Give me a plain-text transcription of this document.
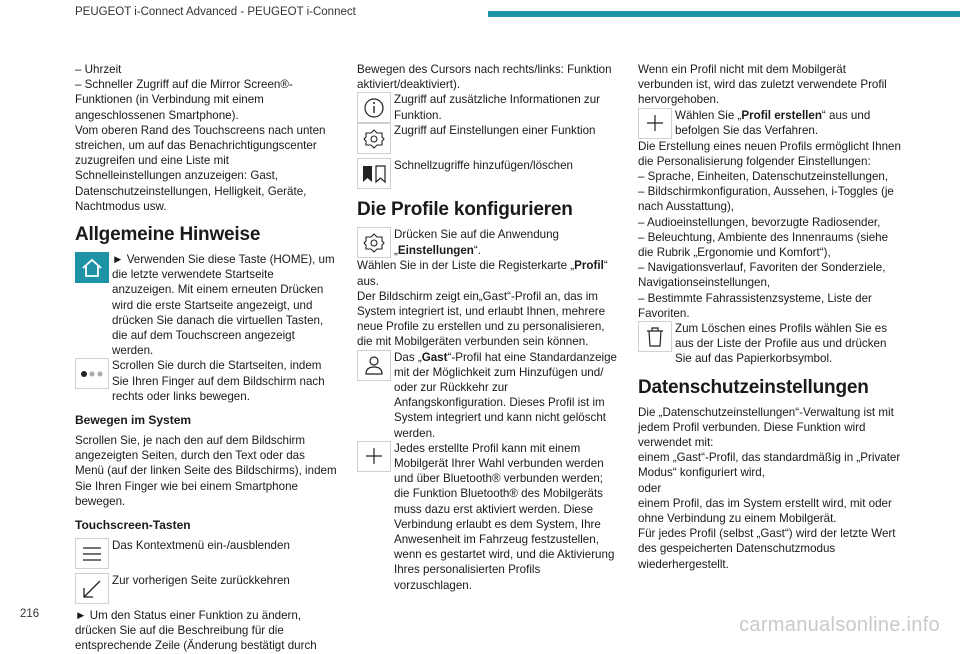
PEUGEOT i-Connect Advanced - PEUGEOT i-Connect

– Uhrzeit

– Schneller Zugriff auf die Mirror Screen®-Funktionen (in Verbindung mit einem angeschlossenen Smartphone).

Vom oberen Rand des Touchscreens nach unten streichen, um auf das Benachrichtigungscenter zuzugreifen und eine Liste mit Schnelleinstellungen anzuzeigen: Gast, Datenschutzeinstellungen, Helligkeit, Geräte, Nachtmodus usw.

Allgemeine Hinweise

► Verwenden Sie diese Taste (HOME), um die letzte verwendete Startseite anzuzeigen. Mit einem erneuten Drücken wird die erste Startseite angezeigt, und drücken Sie danach die virtuellen Tasten, die auf dem Touchscreen angezeigt werden.

Scrollen Sie durch die Startseiten, indem Sie Ihren Finger auf dem Bildschirm nach rechts oder links bewegen.

Bewegen im System

Scrollen Sie, je nach den auf dem Bildschirm angezeigten Seiten, durch den Text oder das Menü (auf der linken Seite des Bildschirms), indem Sie Ihren Finger wie bei einem Smartphone bewegen.

Touchscreen-Tasten

Das Kontextmenü ein-/ausblenden

Zur vorherigen Seite zurückkehren

► Um den Status einer Funktion zu ändern, drücken Sie auf die Beschreibung für die entsprechende Zeile (Änderung bestätigt durch

Bewegen des Cursors nach rechts/links: Funktion aktiviert/deaktiviert).

Zugriff auf zusätzliche Informationen zur Funktion.

Zugriff auf Einstellungen einer Funktion

Schnellzugriffe hinzufügen/löschen

Die Profile konfigurieren

Drücken Sie auf die Anwendung „Einstellungen“.

Wählen Sie in der Liste die Registerkarte „Profil“ aus.

Der Bildschirm zeigt ein„Gast“-Profil an, das im System integriert ist, und erlaubt Ihnen, mehrere neue Profile zu erstellen und zu personalisieren, die mit Mobilgeräten verbunden sein können.

Das „Gast“-Profil hat eine Standardanzeige mit der Möglichkeit zum Hinzufügen und/ oder zur Rückkehr zur Anfangskonfiguration. Dieses Profil ist im System integriert und kann nicht gelöscht werden.

Jedes erstellte Profil kann mit einem Mobilgerät Ihrer Wahl verbunden werden und über Bluetooth® verbunden werden; die Funktion Bluetooth® des Mobilgeräts muss dazu erst aktiviert werden. Diese Verbindung erlaubt es dem System, Ihre Anwesenheit im Fahrzeug festzustellen, wenn es gestartet wird, und die Aktivierung Ihres personalisierten Profils vorzuschlagen.

Wenn ein Profil nicht mit dem Mobilgerät verbunden ist, wird das zuletzt verwendete Profil hervorgehoben.

Wählen Sie „Profil erstellen“ aus und befolgen Sie das Verfahren.

Die Erstellung eines neuen Profils ermöglicht Ihnen die Personalisierung folgender Einstellungen:

– Sprache, Einheiten, Datenschutzeinstellungen,

– Bildschirmkonfiguration, Aussehen, i-Toggles (je nach Ausstattung),

– Audioeinstellungen, bevorzugte Radiosender,

– Beleuchtung, Ambiente des Innenraums (siehe die Rubrik „Ergonomie und Komfort“),

– Navigationsverlauf, Favoriten der Sonderziele, Navigationseinstellungen,

– Bestimmte Fahrassistenzsysteme, Liste der Favoriten.

Zum Löschen eines Profils wählen Sie es aus der Liste der Profile aus und drücken Sie auf das Papierkorbsymbol.

Datenschutzeinstellungen

Die „Datenschutzeinstellungen“-Verwaltung ist mit jedem Profil verbunden. Diese Funktion wird verwendet mit:

einem „Gast“-Profil, das standardmäßig in „Privater Modus“ konfiguriert wird,

oder

einem Profil, das im System erstellt wird, mit oder ohne Verbindung zu einem Mobilgerät.

Für jedes Profil (selbst „Gast“) wird der letzte Wert des gespeicherten Datenschutzmodus wiederhergestellt.

216	carmanualsonline.info
